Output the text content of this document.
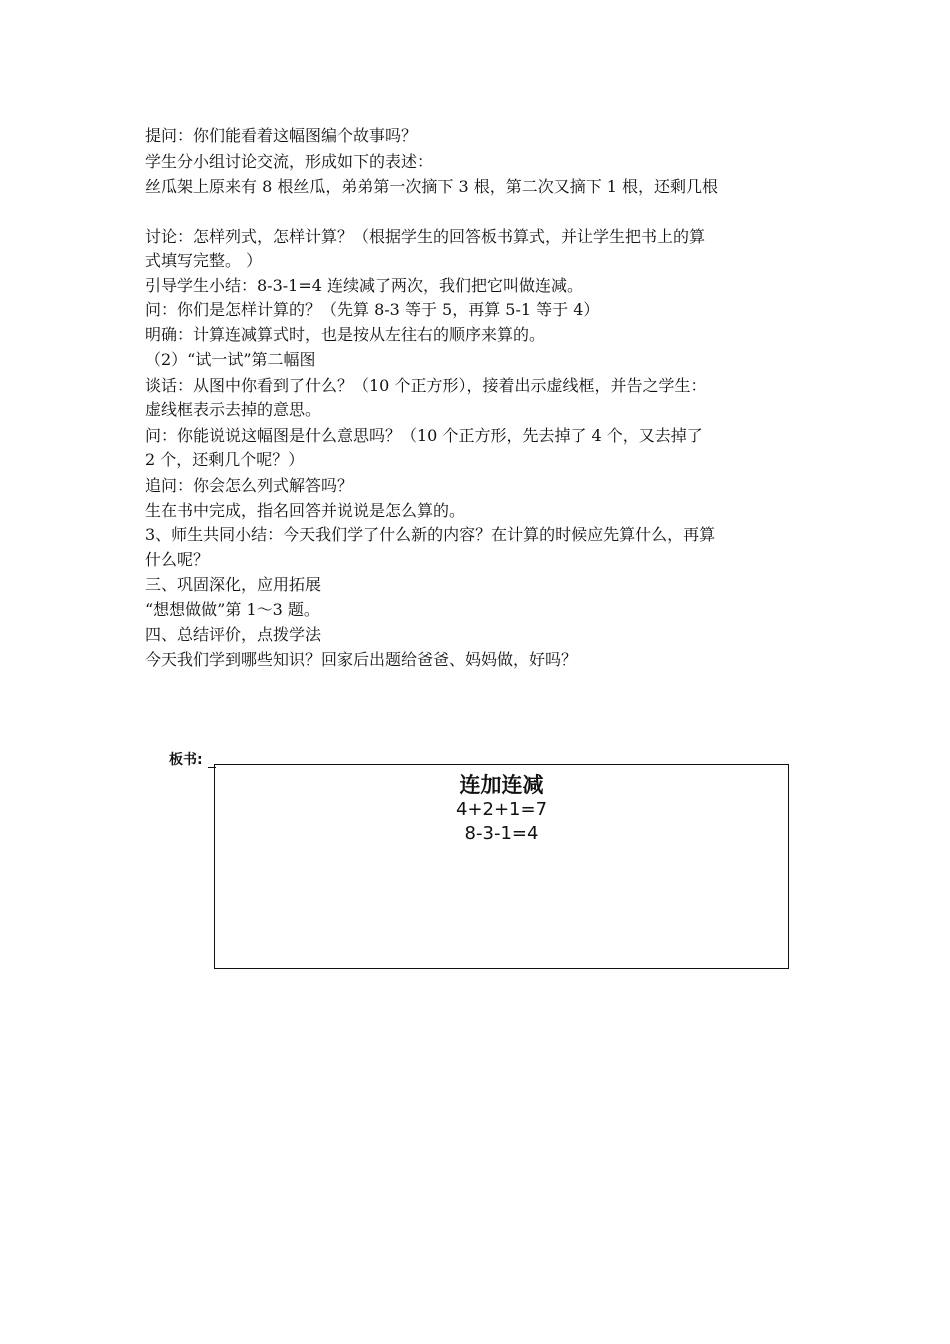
提问：你们能看着这幅图编个故事吗？
学生分小组讨论交流，形成如下的表述：
丝瓜架上原来有 8 根丝瓜，弟弟第一次摘下 3 根，第二次又摘下 1 根，还剩几根
讨论：怎样列式，怎样计算？（根据学生的回答板书算式，并让学生把书上的算
式填写完整。 ）
引导学生小结：8-3-1=4 连续减了两次，我们把它叫做连减。
问：你们是怎样计算的？（先算 8-3 等于 5，再算 5-1 等于 4）
明确：计算连减算式时，也是按从左往右的顺序来算的。
（2）“试一试”第二幅图
谈话：从图中你看到了什么？（10 个正方形），接着出示虚线框，并告之学生：
虚线框表示去掉的意思。
问：你能说说这幅图是什么意思吗？（10 个正方形，先去掉了 4 个，又去掉了
2 个，还剩几个呢？）
追问：你会怎么列式解答吗？
生在书中完成，指名回答并说说是怎么算的。
3、师生共同小结：今天我们学了什么新的内容？在计算的时候应先算什么，再算
什么呢？
三、巩固深化，应用拓展
“想想做做”第 1～3 题。
四、总结评价，点拨学法
今天我们学到哪些知识？回家后出题给爸爸、妈妈做，好吗？
板书:
连加连减
4+2+1=7
8-3-1=4
